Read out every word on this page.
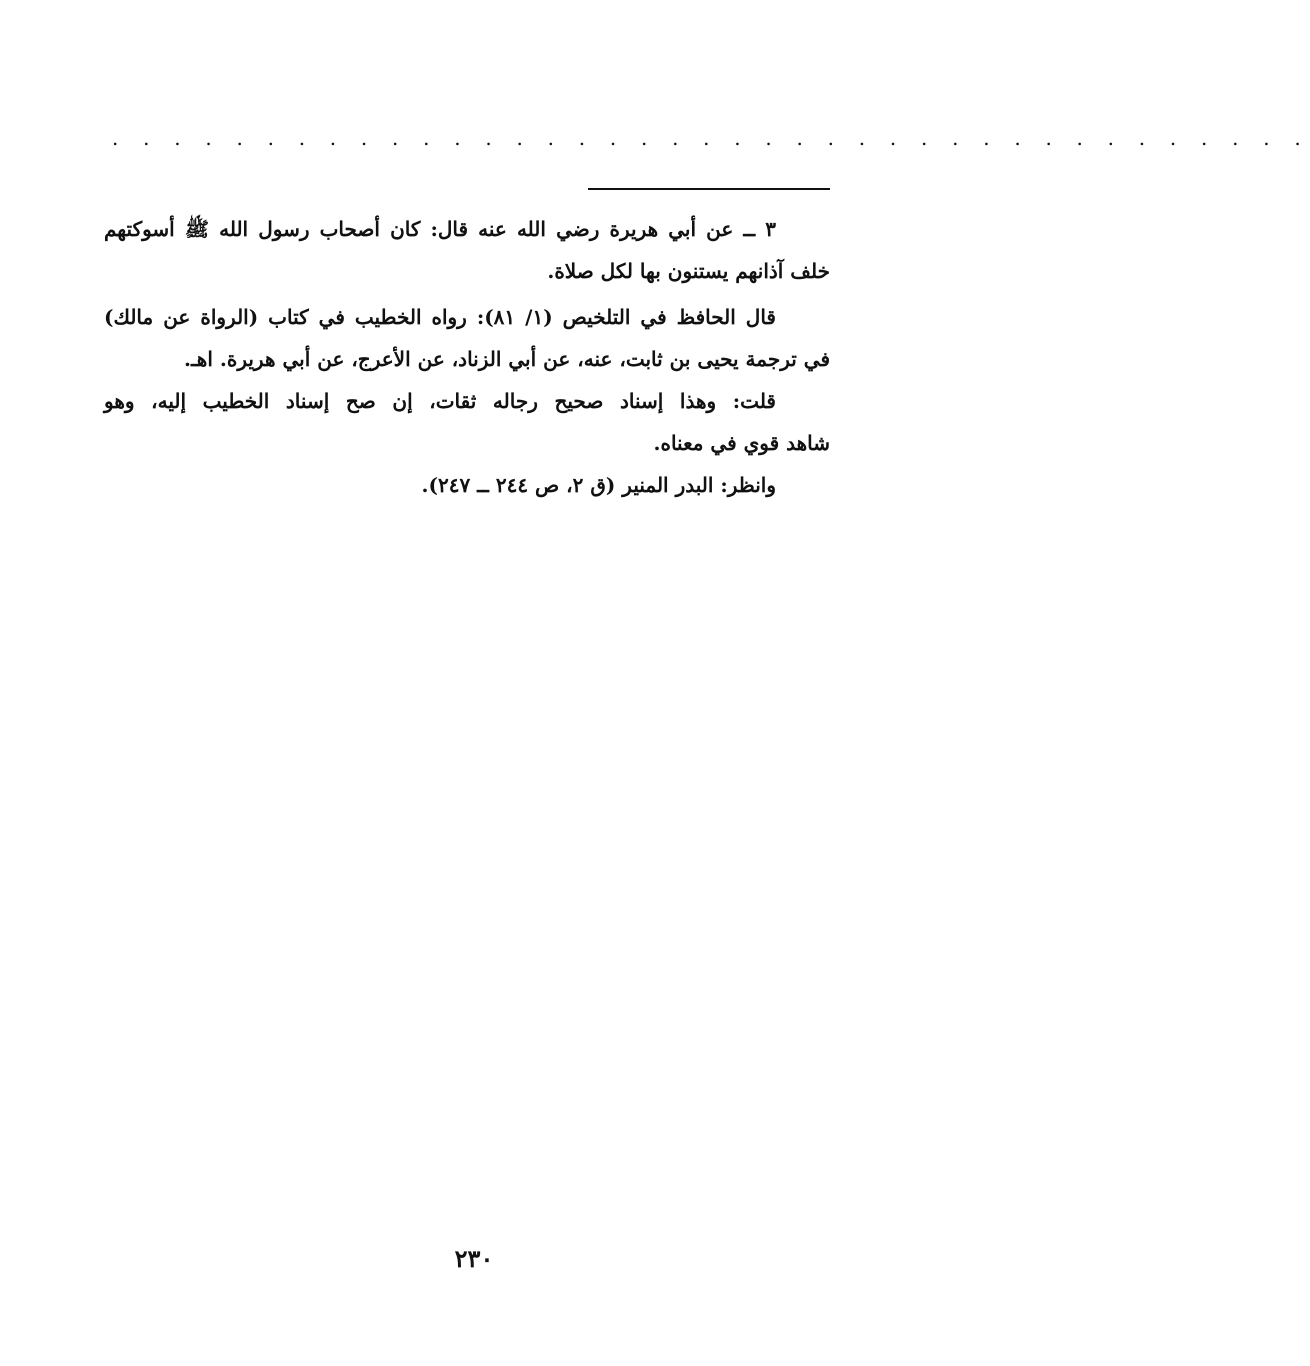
. . . . . . . . . . . . . . . . . . . . . . . . . . . . . . . . . . . . . . .
٣ ــ عن أبي هريرة رضي الله عنه قال: كان أصحاب رسول الله ﷺ أسوكتهم
خلف آذانهم يستنون بها لكل صلاة.
قال الحافظ في التلخيص (١/ ٨١): رواه الخطيب في كتاب (الرواة عن مالك)
في ترجمة يحيى بن ثابت، عنه، عن أبي الزناد، عن الأعرج، عن أبي هريرة. اهـ.
قلت: وهذا إسناد صحيح رجاله ثقات، إن صح إسناد الخطيب إليه، وهو
شاهد قوي في معناه.
وانظر: البدر المنير (ق ٢، ص ٢٤٤ ــ ٢٤٧).
٢٣٠
